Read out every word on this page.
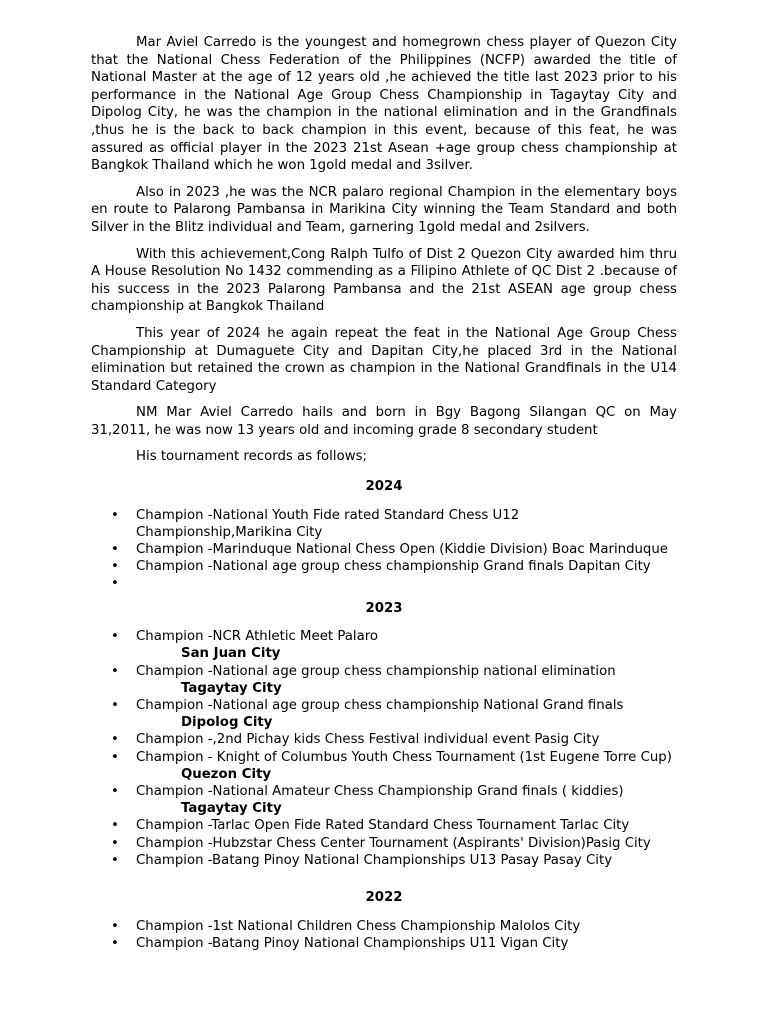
Mar Aviel Carredo is the youngest and homegrown chess player of Quezon City that the National Chess Federation of the Philippines (NCFP) awarded the title of National Master at the age of 12 years old ,he achieved the title last 2023 prior to his performance in the National Age Group Chess Championship in Tagaytay City and Dipolog City, he was the champion in the national elimination and in the Grandfinals ,thus he is the back to back champion in this event, because of this feat, he was assured as official player in the 2023 21st Asean +age group chess championship at Bangkok Thailand which he won 1gold medal and 3silver.

Also in 2023 ,he was the NCR palaro regional Champion in the elementary boys en route to Palarong Pambansa in Marikina City winning the Team Standard and both Silver in the Blitz individual and Team, garnering 1gold medal and 2silvers.

With this achievement,Cong Ralph Tulfo of Dist 2 Quezon City awarded him thru A House Resolution No 1432 commending as a Filipino Athlete of QC Dist 2 .because of his success in the 2023 Palarong Pambansa and the 21st ASEAN age group chess championship at Bangkok Thailand

This year of 2024 he again repeat the feat in the National Age Group Chess Championship at Dumaguete City and Dapitan City,he placed 3rd in the National elimination but retained the crown as champion in the National Grandfinals in the U14 Standard Category

NM Mar Aviel Carredo hails and born in Bgy Bagong Silangan QC on May 31,2011, he was now 13 years old and incoming grade 8 secondary student

His tournament records as follows;

2024
• Champion -National Youth Fide rated Standard Chess U12 Championship,Marikina City
• Champion -Marinduque National Chess Open (Kiddie Division) Boac Marinduque
• Champion -National age group chess championship Grand finals Dapitan City
•
2023
• Champion -NCR Athletic Meet Palaro
San Juan City
• Champion -National age group chess championship national elimination
Tagaytay City
• Champion -National age group chess championship National Grand finals
Dipolog City
• Champion -,2nd Pichay kids Chess Festival individual event Pasig City
• Champion - Knight of Columbus Youth Chess Tournament (1st Eugene Torre Cup)
Quezon City
• Champion -National Amateur Chess Championship Grand finals ( kiddies)
Tagaytay City
• Champion -Tarlac Open Fide Rated Standard Chess Tournament Tarlac City
• Champion -Hubzstar Chess Center Tournament (Aspirants' Division)Pasig City
• Champion -Batang Pinoy National Championships U13 Pasay Pasay City
2022
• Champion -1st National Children Chess Championship Malolos City
• Champion -Batang Pinoy National Championships U11 Vigan City
